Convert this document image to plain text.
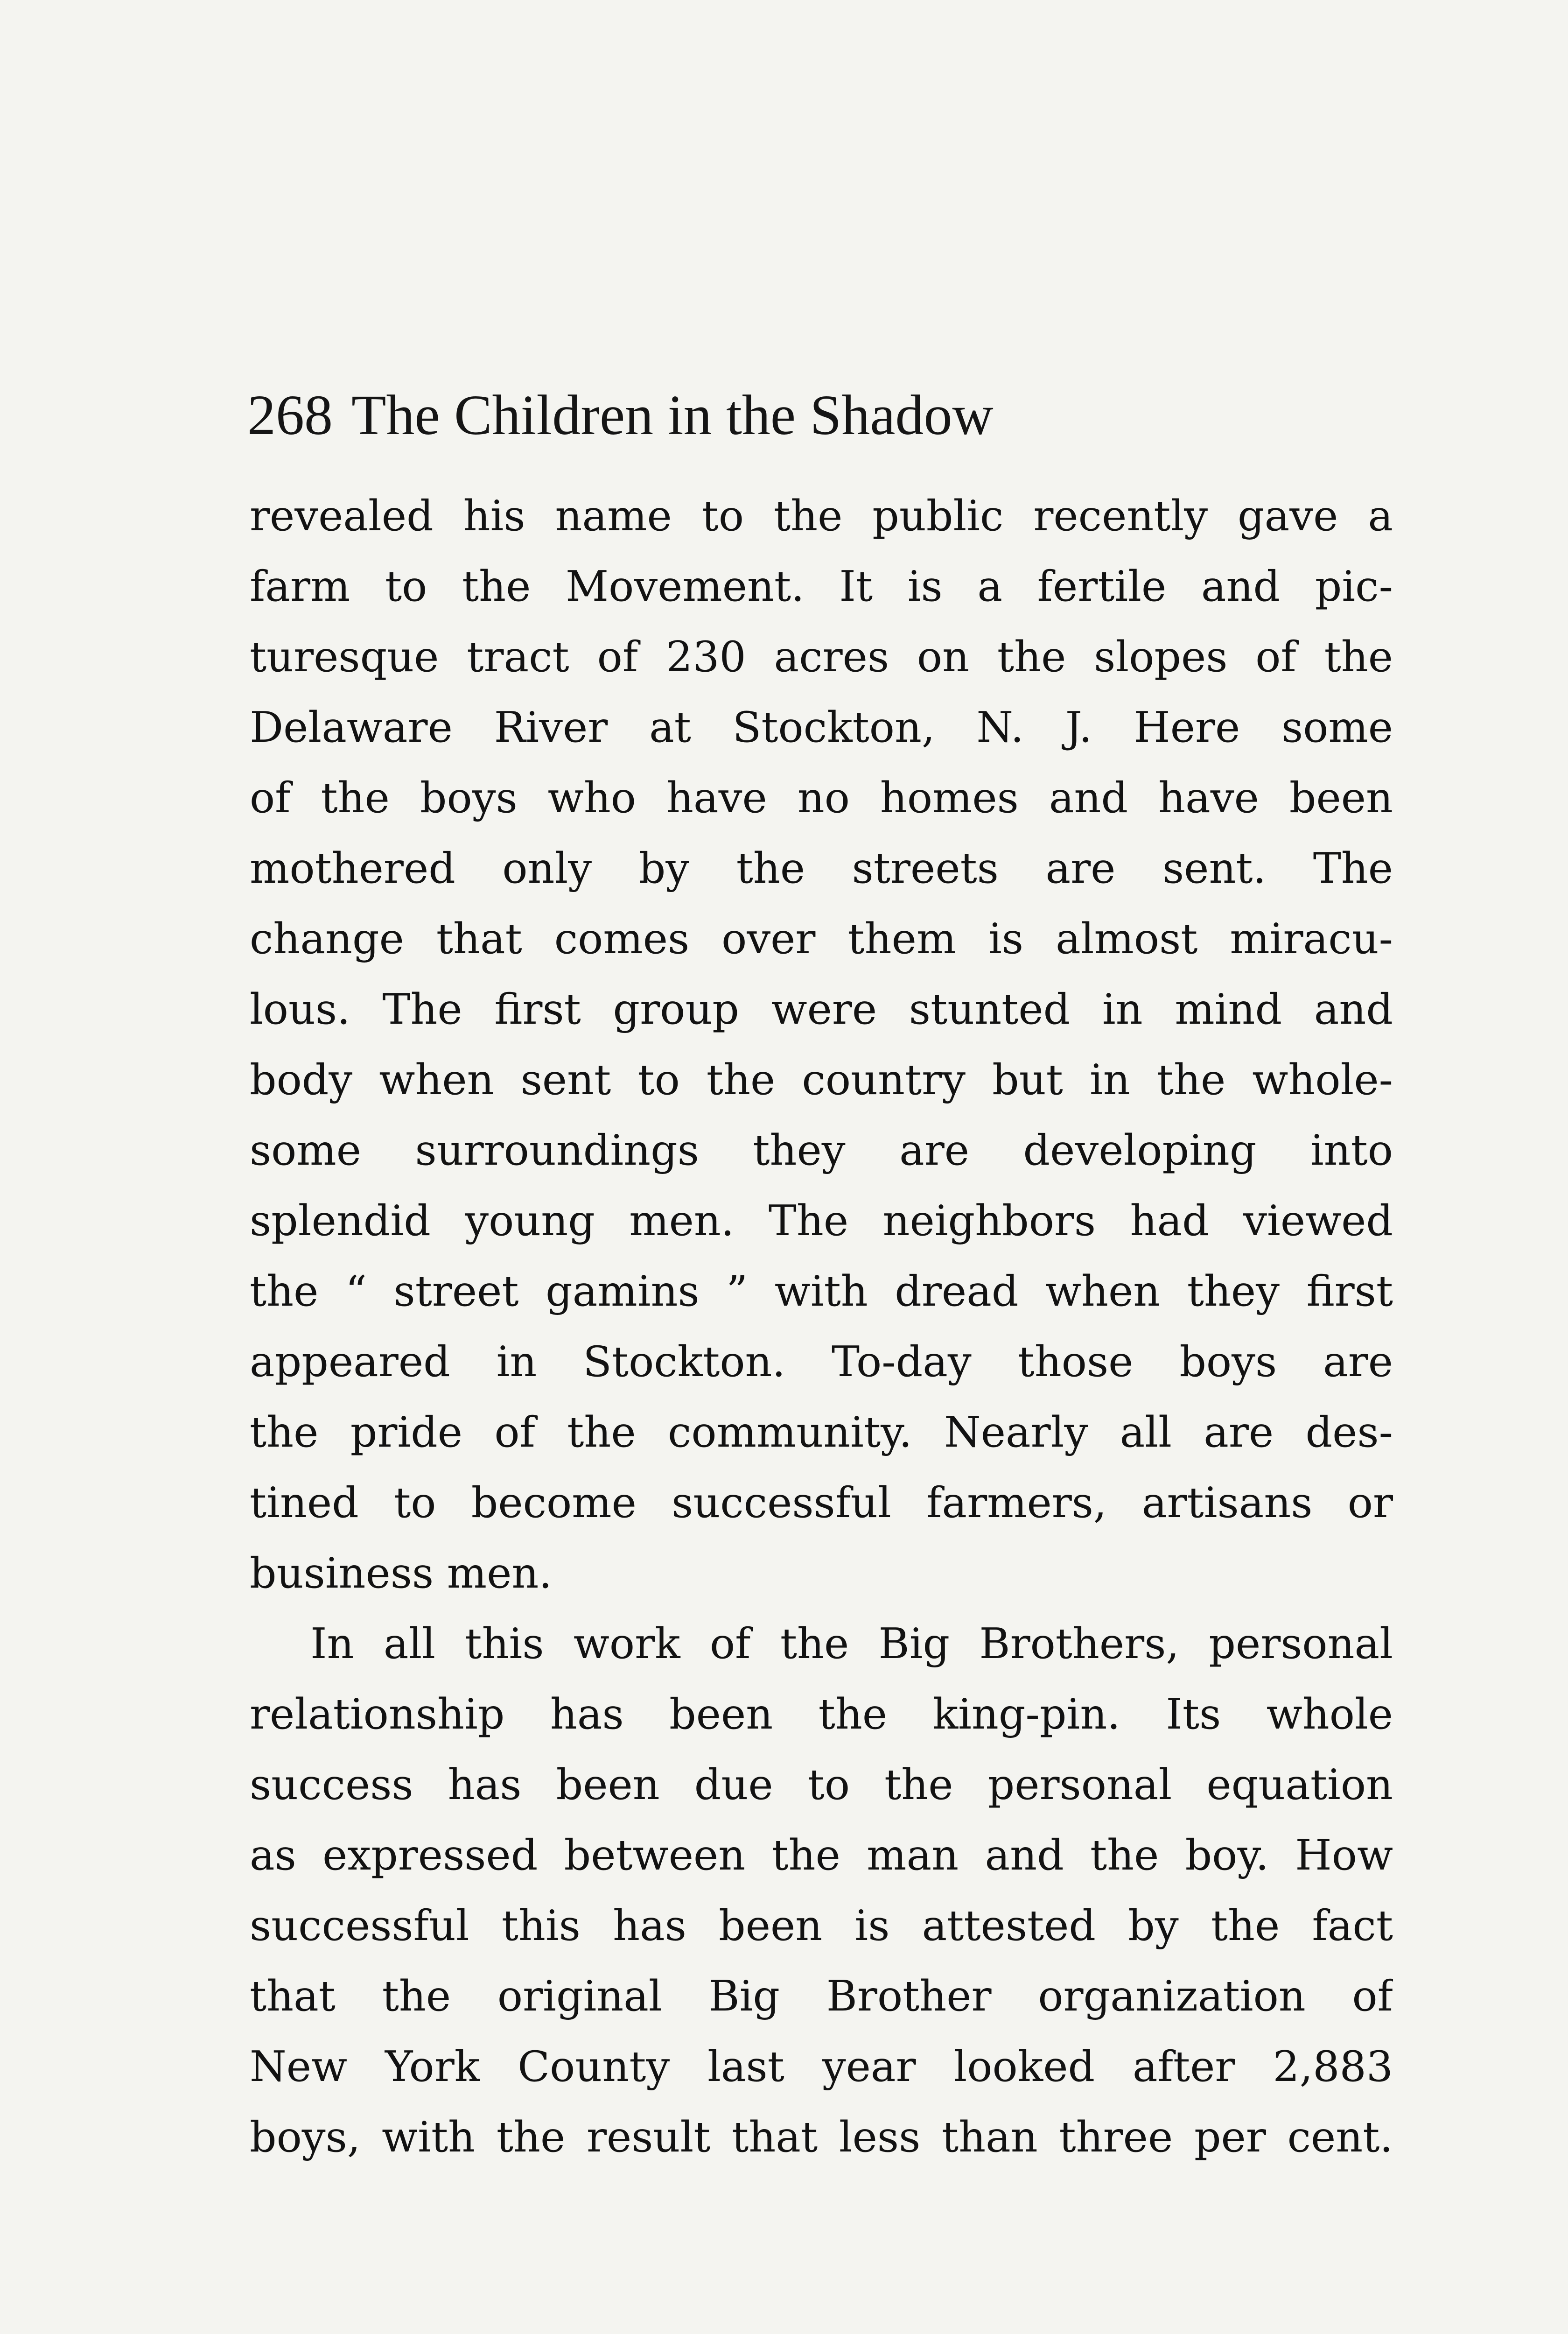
268 The Children in the Shadow
revealed his name to the public recently gave a
farm to the Movement. It is a fertile and pic-
turesque tract of 230 acres on the slopes of the
Delaware River at Stockton, N. J. Here some
of the boys who have no homes and have been
mothered only by the streets are sent. The
change that comes over them is almost miracu-
lous. The first group were stunted in mind and
body when sent to the country but in the whole-
some surroundings they are developing into
splendid young men. The neighbors had viewed
the “ street gamins ” with dread when they first
appeared in Stockton. To-day those boys are
the pride of the community. Nearly all are des-
tined to become successful farmers, artisans or
business men.
In all this work of the Big Brothers, personal
relationship has been the king-pin. Its whole
success has been due to the personal equation
as expressed between the man and the boy. How
successful this has been is attested by the fact
that the original Big Brother organization of
New York County last year looked after 2,883
boys, with the result that less than three per cent.
